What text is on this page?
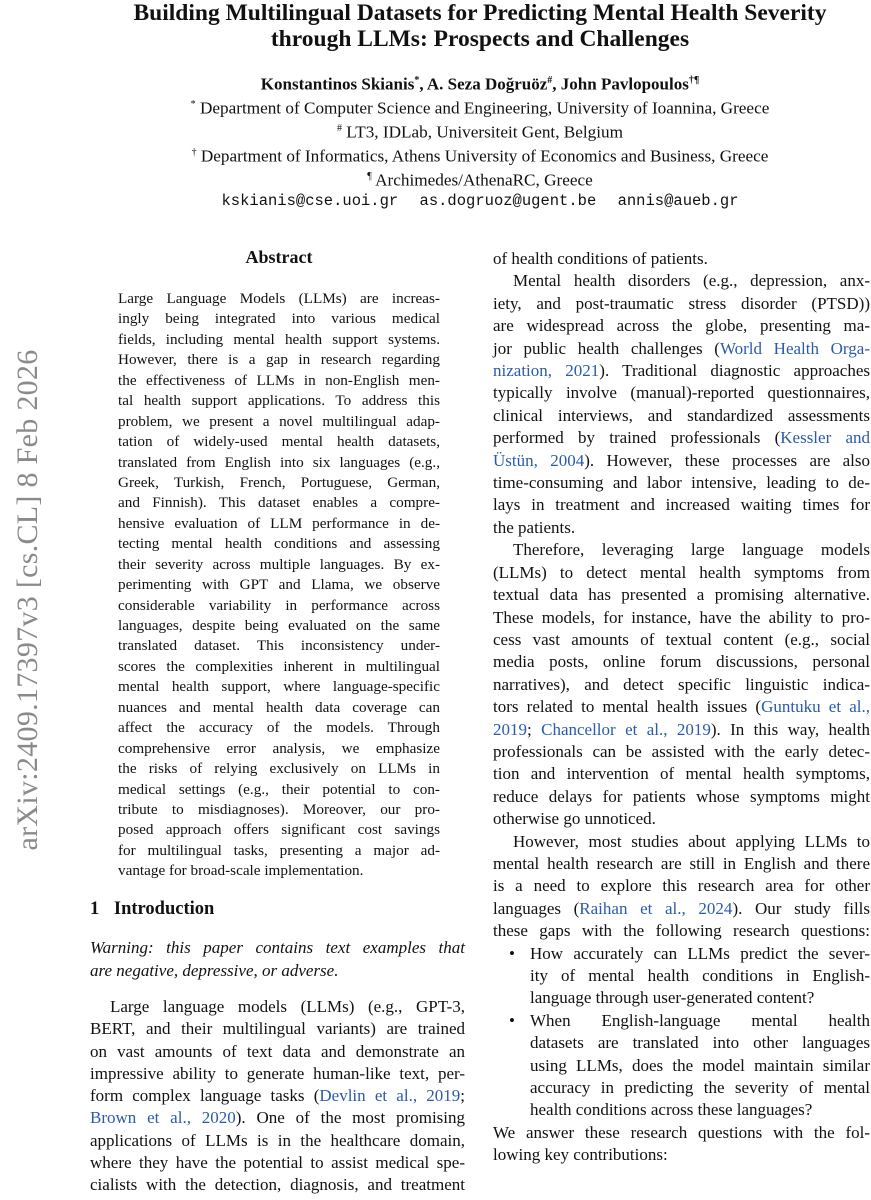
arXiv:2409.17397v3 [cs.CL] 8 Feb 2026
Building Multilingual Datasets for Predicting Mental Health Severity
through LLMs: Prospects and Challenges
Konstantinos Skianis*, A. Seza Doğruöz#, John Pavlopoulos†¶
* Department of Computer Science and Engineering, University of Ioannina, Greece
# LT3, IDLab, Universiteit Gent, Belgium
† Department of Informatics, Athens University of Economics and Business, Greece
¶ Archimedes/AthenaRC, Greece
kskianis@cse.uoi.gr as.dogruoz@ugent.be annis@aueb.gr
Abstract
Large Language Models (LLMs) are increas-
ingly being integrated into various medical
fields, including mental health support systems.
However, there is a gap in research regarding
the effectiveness of LLMs in non-English men-
tal health support applications. To address this
problem, we present a novel multilingual adap-
tation of widely-used mental health datasets,
translated from English into six languages (e.g.,
Greek, Turkish, French, Portuguese, German,
and Finnish). This dataset enables a compre-
hensive evaluation of LLM performance in de-
tecting mental health conditions and assessing
their severity across multiple languages. By ex-
perimenting with GPT and Llama, we observe
considerable variability in performance across
languages, despite being evaluated on the same
translated dataset. This inconsistency under-
scores the complexities inherent in multilingual
mental health support, where language-specific
nuances and mental health data coverage can
affect the accuracy of the models. Through
comprehensive error analysis, we emphasize
the risks of relying exclusively on LLMs in
medical settings (e.g., their potential to con-
tribute to misdiagnoses). Moreover, our pro-
posed approach offers significant cost savings
for multilingual tasks, presenting a major ad-
vantage for broad-scale implementation.
1 Introduction
Warning: this paper contains text examples that
are negative, depressive, or adverse.
Large language models (LLMs) (e.g., GPT-3,
BERT, and their multilingual variants) are trained
on vast amounts of text data and demonstrate an
impressive ability to generate human-like text, per-
form complex language tasks (Devlin et al., 2019;
Brown et al., 2020). One of the most promising
applications of LLMs is in the healthcare domain,
where they have the potential to assist medical spe-
cialists with the detection, diagnosis, and treatment
of health conditions of patients.
Mental health disorders (e.g., depression, anx-
iety, and post-traumatic stress disorder (PTSD))
are widespread across the globe, presenting ma-
jor public health challenges (World Health Orga-
nization, 2021). Traditional diagnostic approaches
typically involve (manual)-reported questionnaires,
clinical interviews, and standardized assessments
performed by trained professionals (Kessler and
Üstün, 2004). However, these processes are also
time-consuming and labor intensive, leading to de-
lays in treatment and increased waiting times for
the patients.
Therefore, leveraging large language models
(LLMs) to detect mental health symptoms from
textual data has presented a promising alternative.
These models, for instance, have the ability to pro-
cess vast amounts of textual content (e.g., social
media posts, online forum discussions, personal
narratives), and detect specific linguistic indica-
tors related to mental health issues (Guntuku et al.,
2019; Chancellor et al., 2019). In this way, health
professionals can be assisted with the early detec-
tion and intervention of mental health symptoms,
reduce delays for patients whose symptoms might
otherwise go unnoticed.
However, most studies about applying LLMs to
mental health research are still in English and there
is a need to explore this research area for other
languages (Raihan et al., 2024). Our study fills
these gaps with the following research questions:
• How accurately can LLMs predict the sever-
ity of mental health conditions in English-
language through user-generated content?
• When English-language mental health
datasets are translated into other languages
using LLMs, does the model maintain similar
accuracy in predicting the severity of mental
health conditions across these languages?
We answer these research questions with the fol-
lowing key contributions:
